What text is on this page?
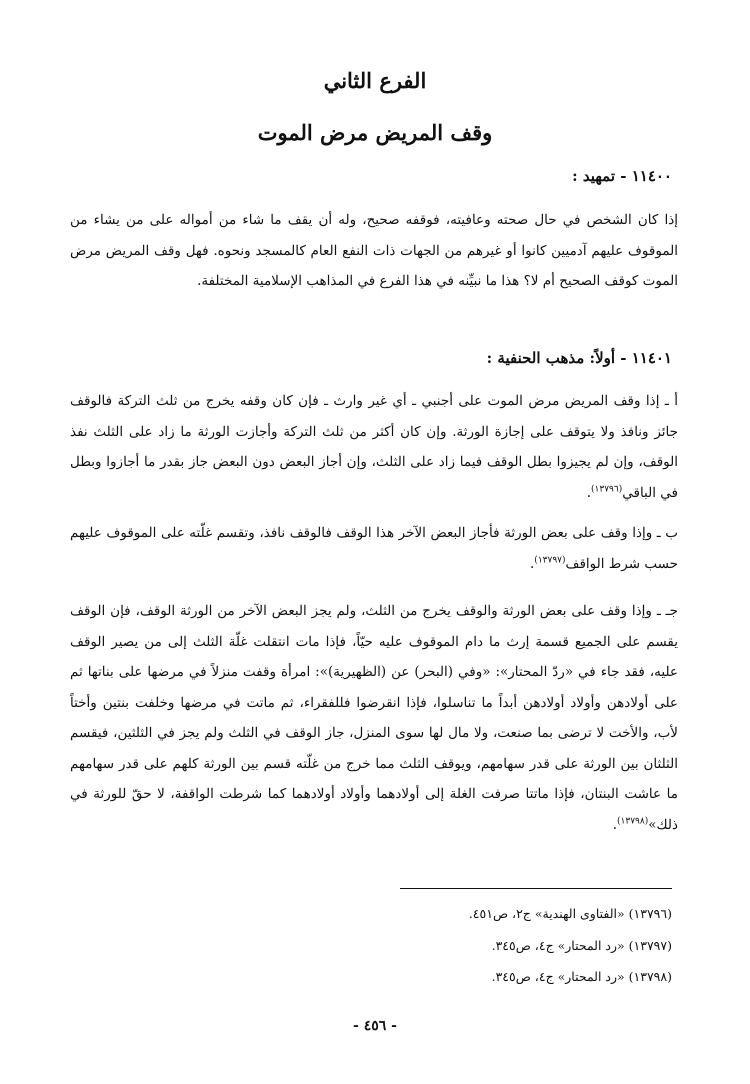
الفرع الثاني
وقف المريض مرض الموت
١١٤٠٠ - تمهيد :
إذا كان الشخص في حال صحته وعافيته، فوقفه صحيح، وله أن يقف ما شاء من أمواله على من يشاء من الموقوف عليهم آدميين كانوا أو غيرهم من الجهات ذات النفع العام كالمسجد ونحوه. فهل وقف المريض مرض الموت كوقف الصحيح أم لا؟ هذا ما نبيِّنه في هذا الفرع في المذاهب الإسلامية المختلفة.
١١٤٠١ - أولاً: مذهب الحنفية :
أ ـ إذا وقف المريض مرض الموت على أجنبي ـ أي غير وارث ـ فإن كان وقفه يخرج من ثلث التركة فالوقف جائز ونافذ ولا يتوقف على إجازة الورثة. وإن كان أكثر من ثلث التركة وأجازت الورثة ما زاد على الثلث نفذ الوقف، وإن لم يجيزوا بطل الوقف فيما زاد على الثلث، وإن أجاز البعض دون البعض جاز بقدر ما أجازوا وبطل في الباقي$^{(١٣٧٩٦)}$.
ب ـ وإذا وقف على بعض الورثة فأجاز البعض الآخر هذا الوقف فالوقف نافذ، وتقسم غلّته على الموقوف عليهم حسب شرط الواقف$^{(١٣٧٩٧)}$.
جـ ـ وإذا وقف على بعض الورثة والوقف يخرج من الثلث، ولم يجز البعض الآخر من الورثة الوقف، فإن الوقف يقسم على الجميع قسمة إرث ما دام الموقوف عليه حيّاً، فإذا مات انتقلت غلّة الثلث إلى من يصير الوقف عليه، فقد جاء في «ردّ المحتار»: «وفي (البحر) عن (الظهيرية)»: امرأة وقفت منزلاً في مرضها على بناتها ثم على أولادهن وأولاد أولادهن أبداً ما تناسلوا، فإذا انقرضوا فللفقراء، ثم ماتت في مرضها وخلفت بنتين وأختاً لأب، والأخت لا ترضى بما صنعت، ولا مال لها سوى المنزل، جاز الوقف في الثلث ولم يجز في الثلثين، فيقسم الثلثان بين الورثة على قدر سهامهم، ويوقف الثلث مما خرج من غلّته قسم بين الورثة كلهم على قدر سهامهم ما عاشت البنتان، فإذا ماتتا صرفت الغلة إلى أولادهما وأولاد أولادهما كما شرطت الواقفة، لا حقّ للورثة في ذلك»$^{(١٣٧٩٨)}$.
(١٣٧٩٦) «الفتاوى الهندية» ج٢، ص٤٥١.
(١٣٧٩٧) «رد المحتار» ج٤، ص٣٤٥.
(١٣٧٩٨) «رد المحتار» ج٤، ص٣٤٥.
- ٤٥٦ -
